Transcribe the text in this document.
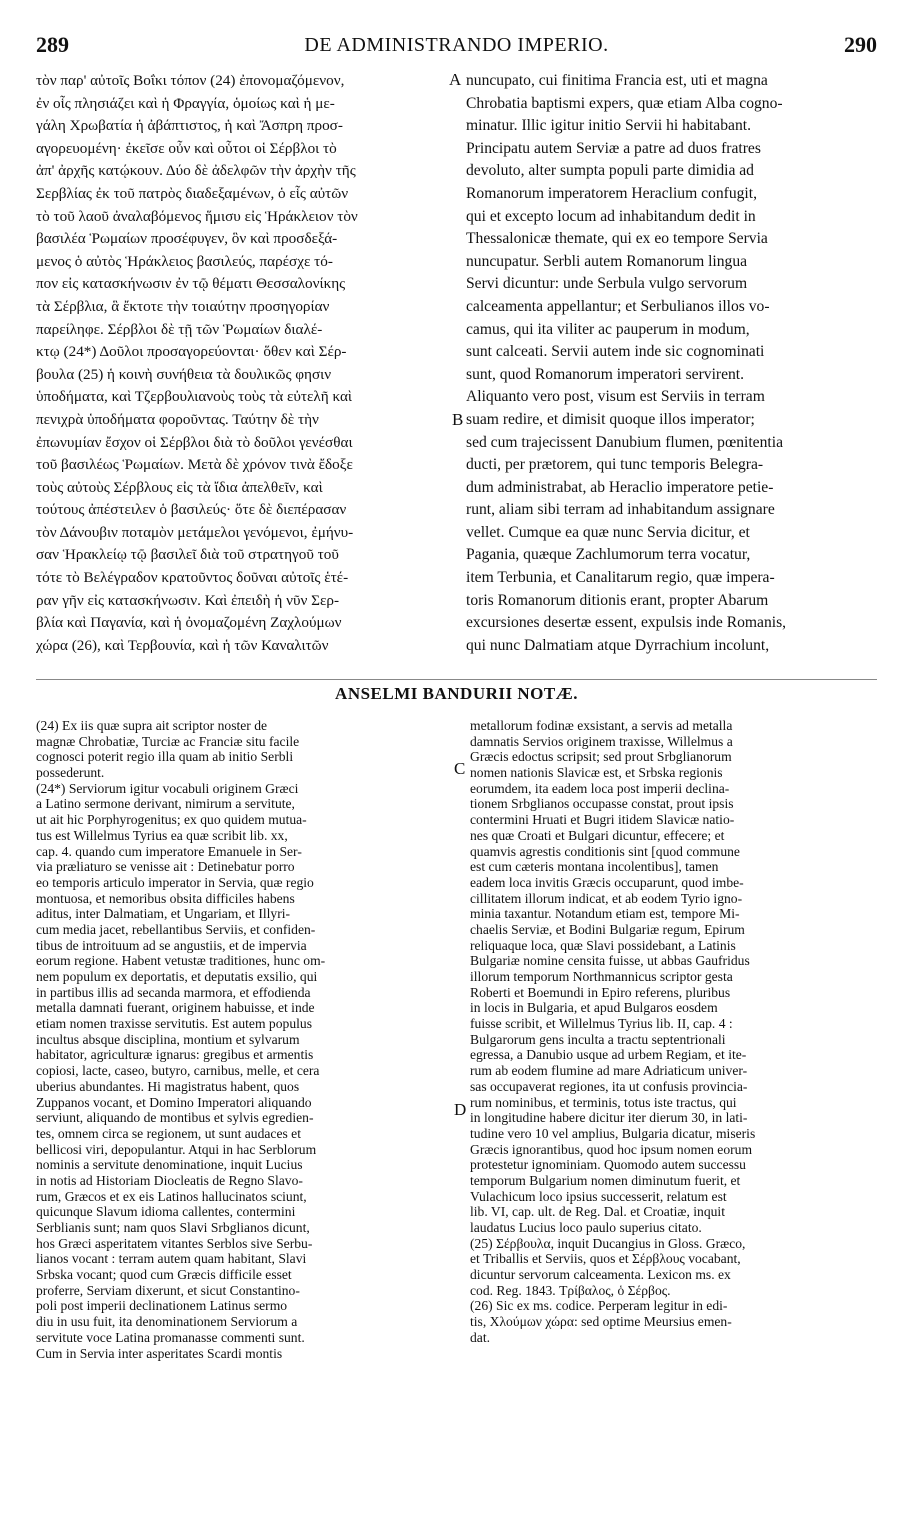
289	DE ADMINISTRANDO IMPERIO.	290
τὸν παρ' αὐτοῖς Βοΐκι τόπον (24) ἐπονομαζόμενον,
ἐν οἷς πλησιάζει καὶ ἡ Φραγγία, ὁμοίως καὶ ἡ με-
γάλη Χρωβατία ἡ ἀβάπτιστος, ἡ καὶ Ἄσπρη προσ-
αγορευομένη· ἐκεῖσε οὖν καὶ οὗτοι οἱ Σέρβλοι τὸ
ἀπ' ἀρχῆς κατῴκουν. Δύο δὲ ἀδελφῶν τὴν ἀρχὴν τῆς
Σερβλίας ἐκ τοῦ πατρὸς διαδεξαμένων, ὁ εἷς αὐτῶν
τὸ τοῦ λαοῦ ἀναλαβόμενος ἥμισυ εἰς Ἡράκλειον τὸν
βασιλέα Ῥωμαίων προσέφυγεν, ὃν καὶ προσδεξά-
μενος ὁ αὐτὸς Ἡράκλειος βασιλεύς, παρέσχε τό-
πον εἰς κατασκήνωσιν ἐν τῷ θέματι Θεσσαλονίκης
τὰ Σέρβλια, ἃ ἔκτοτε τὴν τοιαύτην προσηγορίαν
παρείληφε. Σέρβλοι δὲ τῇ τῶν Ῥωμαίων διαλέ-
κτῳ (24*) Δοῦλοι προσαγορεύονται· ὅθεν καὶ Σέρ-
βουλα (25) ἡ κοινὴ συνήθεια τὰ δουλικῶς φησιν
ὑποδήματα, καὶ Τζερβουλιανοὺς τοὺς τὰ εὐτελῆ καὶ
πενιχρὰ ὑποδήματα φοροῦντας. Ταύτην δὲ τὴν
ἐπωνυμίαν ἔσχον οἱ Σέρβλοι διὰ τὸ δοῦλοι γενέσθαι
τοῦ βασιλέως Ῥωμαίων. Μετὰ δὲ χρόνον τινὰ ἔδοξε
τοὺς αὐτοὺς Σέρβλους εἰς τὰ ἴδια ἀπελθεῖν, καὶ
τούτους ἀπέστειλεν ὁ βασιλεύς· ὅτε δὲ διεπέρασαν
τὸν Δάνουβιν ποταμὸν μετάμελοι γενόμενοι, ἐμήνυ-
σαν Ἡρακλείῳ τῷ βασιλεῖ διὰ τοῦ στρατηγοῦ τοῦ
τότε τὸ Βελέγραδον κρατοῦντος δοῦναι αὐτοῖς ἑτέ-
ραν γῆν εἰς κατασκήνωσιν. Καὶ ἐπειδὴ ἡ νῦν Σερ-
βλία καὶ Παγανία, καὶ ἡ ὀνομαζομένη Ζαχλούμων
χώρα (26), καὶ Τερβουνία, καὶ ἡ τῶν Καναλιτῶν
nuncupato, cui finitima Francia est, uti et magna
Chrobatia baptismi expers, quæ etiam Alba cogno-
minatur. Illic igitur initio Servii hi habitabant.
Principatu autem Serviæ a patre ad duos fratres
devoluto, alter sumpta populi parte dimidia ad
Romanorum imperatorem Heraclium confugit,
qui et excepto locum ad inhabitandum dedit in
Thessalonicæ themate, qui ex eo tempore Servia
nuncupatur. Serbli autem Romanorum lingua
Servi dicuntur: unde Serbula vulgo servorum
calceamenta appellantur; et Serbulianos illos vo-
camus, qui ita viliter ac pauperum in modum,
sunt calceati. Servii autem inde sic cognominati
sunt, quod Romanorum imperatori servirent.
Aliquanto vero post, visum est Serviis in terram
suam redire, et dimisit quoque illos imperator;
sed cum trajecissent Danubium flumen, pœnitentia
ducti, per prætorem, qui tunc temporis Belegra-
dum administrabat, ab Heraclio imperatore petie-
runt, aliam sibi terram ad inhabitandum assignare
vellet. Cumque ea quæ nunc Servia dicitur, et
Pagania, quæque Zachlumorum terra vocatur,
item Terbunia, et Canalitarum regio, quæ impera-
toris Romanorum ditionis erant, propter Abarum
excursiones desertæ essent, expulsis inde Romanis,
qui nunc Dalmatiam atque Dyrrachium incolunt,
A
B
C
D
ANSELMI BANDURII NOTÆ.
(24) Ex iis quæ supra ait scriptor noster de
magnæ Chrobatiæ, Turciæ ac Franciæ situ facile
cognosci poterit regio illa quam ab initio Serbli
possederunt.
(24*) Serviorum igitur vocabuli originem Græci
a Latino sermone derivant, nimirum a servitute,
ut ait hic Porphyrogenitus; ex quo quidem mutua-
tus est Willelmus Tyrius ea quæ scribit lib. xx,
cap. 4. quando cum imperatore Emanuele in Ser-
via præliaturo se venisse ait : Detinebatur porro
eo temporis articulo imperator in Servia, quæ regio
montuosa, et nemoribus obsita difficiles habens
aditus, inter Dalmatiam, et Ungariam, et Illyri-
cum media jacet, rebellantibus Serviis, et confiden-
tibus de introituum ad se angustiis, et de impervia
eorum regione. Habent vetustæ traditiones, hunc om-
nem populum ex deportatis, et deputatis exsilio, qui
in partibus illis ad secanda marmora, et effodienda
metalla damnati fuerant, originem habuisse, et inde
etiam nomen traxisse servitutis. Est autem populus
incultus absque disciplina, montium et sylvarum
habitator, agriculturæ ignarus: gregibus et armentis
copiosi, lacte, caseo, butyro, carnibus, melle, et cera
uberius abundantes. Hi magistratus habent, quos
Zuppanos vocant, et Domino Imperatori aliquando
serviunt, aliquando de montibus et sylvis egredien-
tes, omnem circa se regionem, ut sunt audaces et
bellicosi viri, depopulantur. Atqui in hac Serblorum
nominis a servitute denominatione, inquit Lucius
in notis ad Historiam Diocleatis de Regno Slavo-
rum, Græcos et ex eis Latinos hallucinatos sciunt,
quicunque Slavum idioma callentes, contermini
Serblianis sunt; nam quos Slavi Srbglianos dicunt,
hos Græci asperitatem vitantes Serblos sive Serbu-
lianos vocant : terram autem quam habitant, Slavi
Srbska vocant; quod cum Græcis difficile esset
proferre, Serviam dixerunt, et sicut Constantino-
poli post imperii declinationem Latinus sermo
diu in usu fuit, ita denominationem Serviorum a
servitute voce Latina promanasse commenti sunt.
Cum in Servia inter asperitates Scardi montis
metallorum fodinæ exsistant, a servis ad metalla
damnatis Servios originem traxisse, Willelmus a
Græcis edoctus scripsit; sed prout Srbglianorum
nomen nationis Slavicæ est, et Srbska regionis
eorumdem, ita eadem loca post imperii declina-
tionem Srbglianos occupasse constat, prout ipsis
contermini Hruati et Bugri itidem Slavicæ natio-
nes quæ Croati et Bulgari dicuntur, effecere; et
quamvis agrestis conditionis sint [quod commune
est cum cæteris montana incolentibus], tamen
eadem loca invitis Græcis occuparunt, quod imbe-
cillitatem illorum indicat, et ab eodem Tyrio igno-
minia taxantur. Notandum etiam est, tempore Mi-
chaelis Serviæ, et Bodini Bulgariæ regum, Epirum
reliquaque loca, quæ Slavi possidebant, a Latinis
Bulgariæ nomine censita fuisse, ut abbas Gaufridus
illorum temporum Northmannicus scriptor gesta
Roberti et Boemundi in Epiro referens, pluribus
in locis in Bulgaria, et apud Bulgaros eosdem
fuisse scribit, et Willelmus Tyrius lib. II, cap. 4 :
Bulgarorum gens inculta a tractu septentrionali
egressa, a Danubio usque ad urbem Regiam, et ite-
rum ab eodem flumine ad mare Adriaticum univer-
sas occupaverat regiones, ita ut confusis provincia-
rum nominibus, et terminis, totus iste tractus, qui
in longitudine habere dicitur iter dierum 30, in lati-
tudine vero 10 vel amplius, Bulgaria dicatur, miseris
Græcis ignorantibus, quod hoc ipsum nomen eorum
protestetur ignominiam. Quomodo autem successu
temporum Bulgarium nomen diminutum fuerit, et
Vulachicum loco ipsius successerit, relatum est
lib. VI, cap. ult. de Reg. Dal. et Croatiæ, inquit
laudatus Lucius loco paulo superius citato.
(25) Σέρβουλα, inquit Ducangius in Gloss. Græco,
et Triballis et Serviis, quos et Σέρβλους vocabant,
dicuntur servorum calceamenta. Lexicon ms. ex
cod. Reg. 1843. Τρίβαλος, ὁ Σέρβος.
(26) Sic ex ms. codice. Perperam legitur in edi-
tis, Χλούμων χώρα: sed optime Meursius emen-
dat.
